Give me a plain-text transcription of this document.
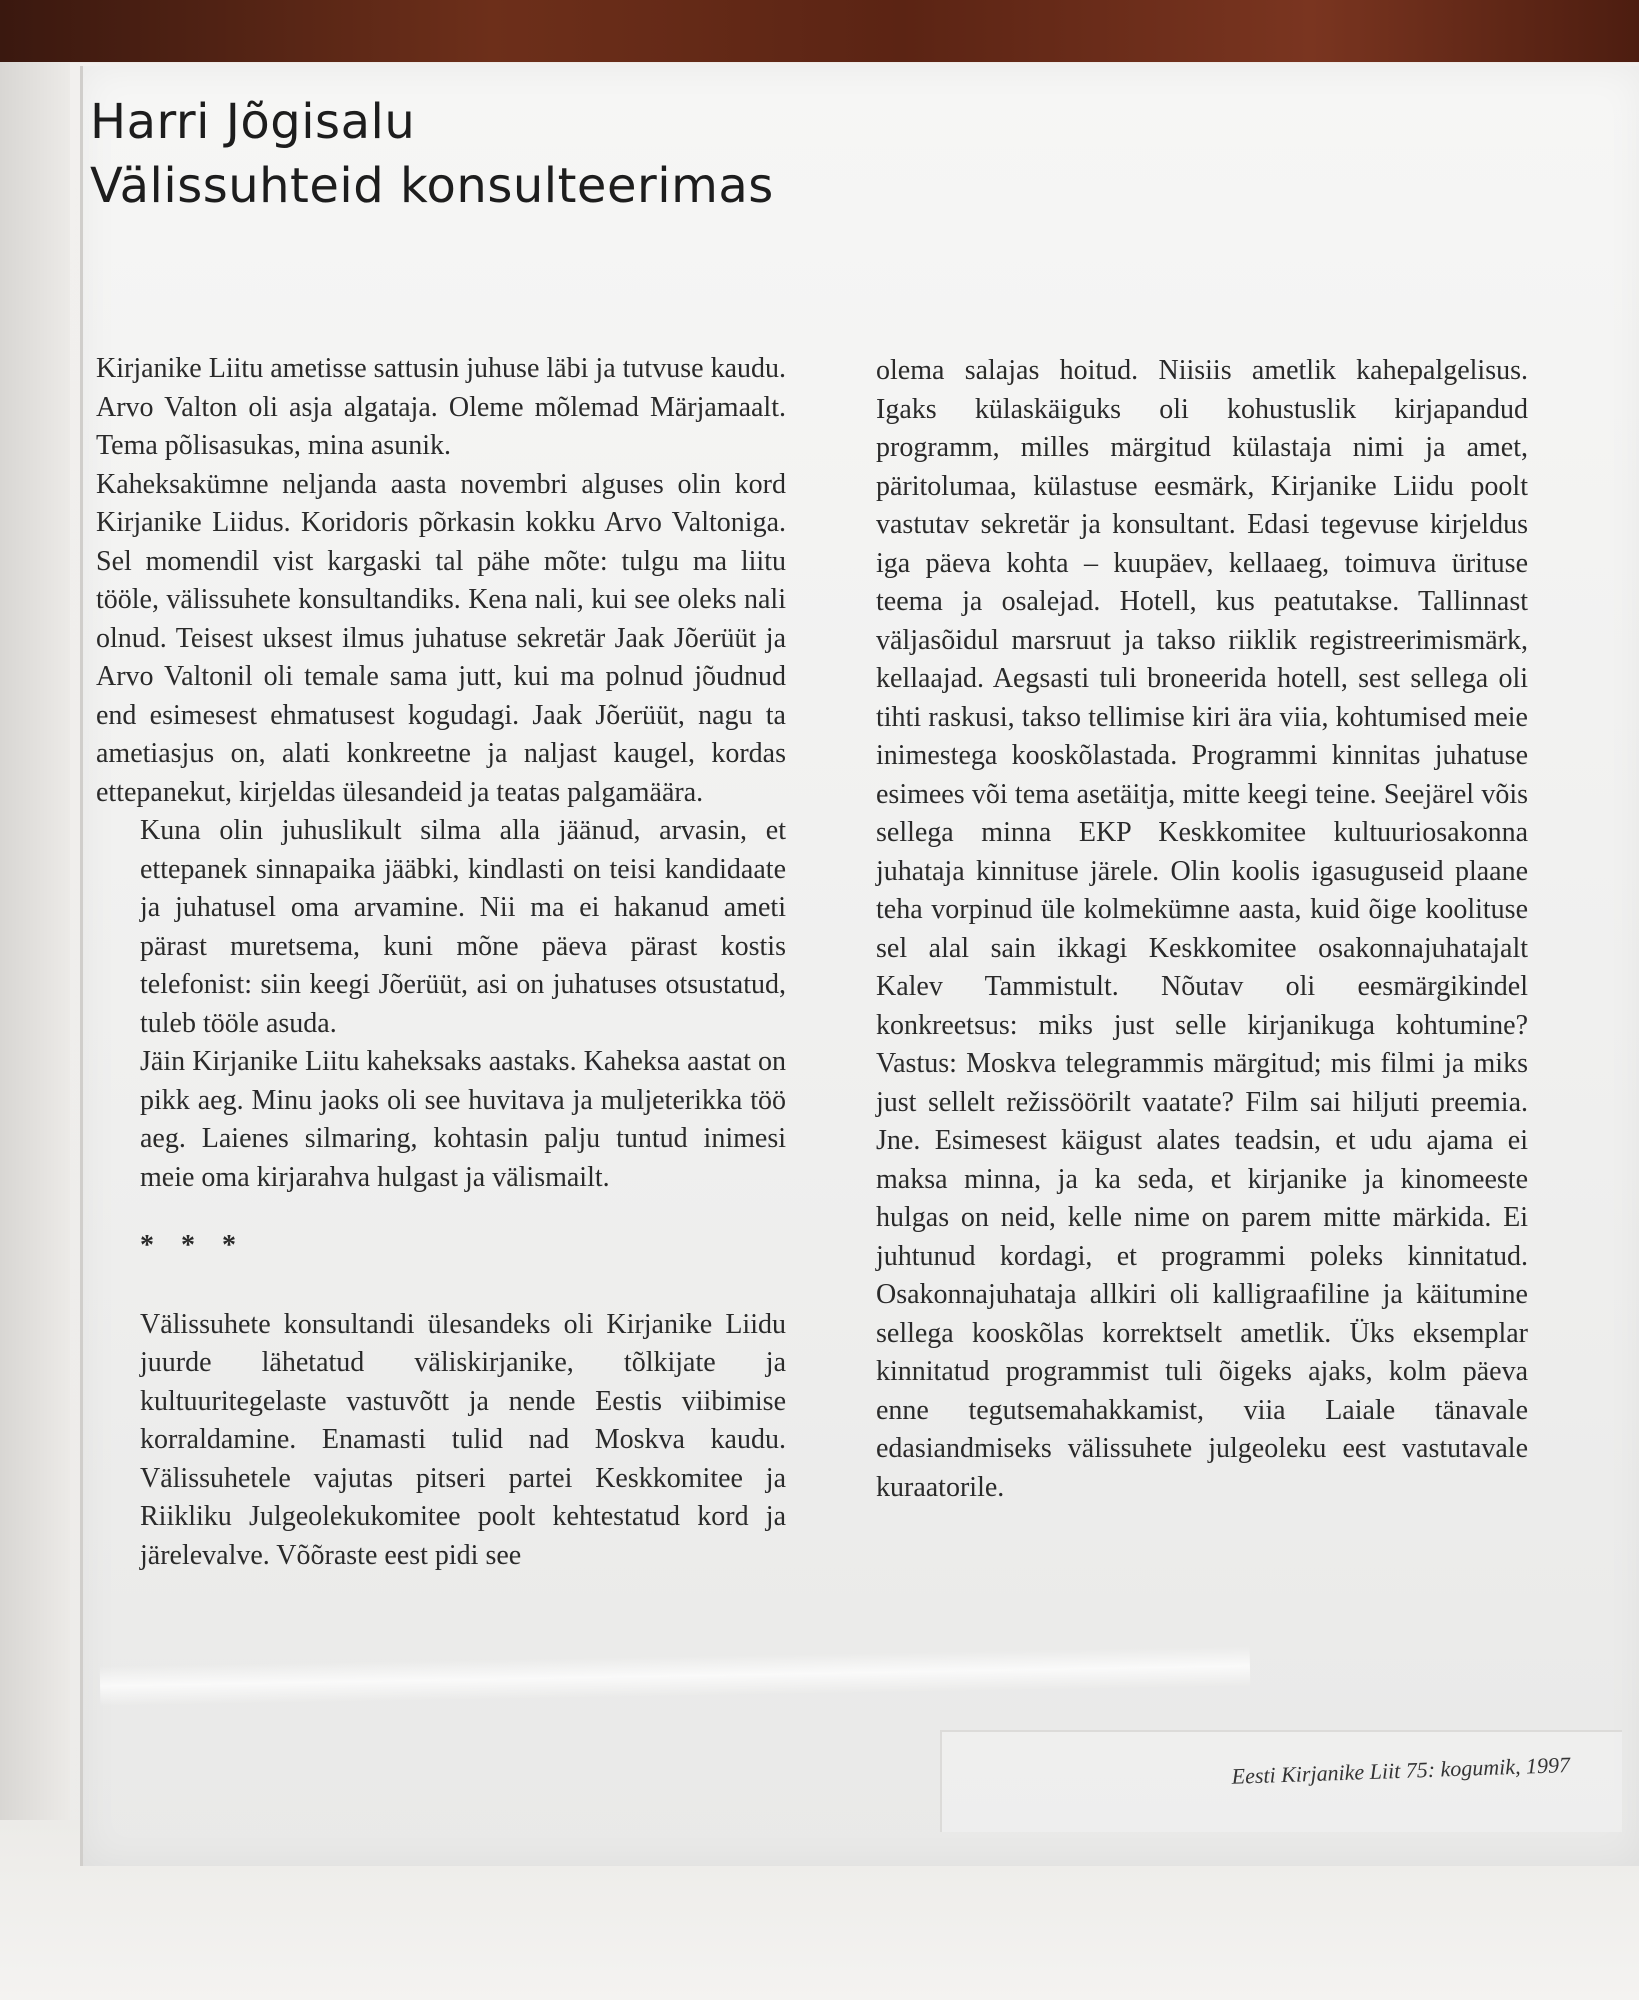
Harri Jõgisalu
Välissuhteid konsulteerimas

Kirjanike Liitu ametisse sattusin juhuse läbi ja tutvuse kaudu. Arvo Valton oli asja algataja. Oleme mõlemad Märjamaalt. Tema põlisasukas, mina asunik.

Kaheksakümne neljanda aasta novembri alguses olin kord Kirjanike Liidus. Koridoris põrkasin kokku Arvo Valtoniga. Sel momendil vist kargaski tal pähe mõte: tulgu ma liitu tööle, välissuhete konsultandiks. Kena nali, kui see oleks nali olnud. Teisest uksest ilmus juhatuse sekretär Jaak Jõerüüt ja Arvo Valtonil oli temale sama jutt, kui ma polnud jõudnud end esimesest ehmatusest kogudagi. Jaak Jõerüüt, nagu ta ametiasjus on, alati konkreetne ja naljast kaugel, kordas ettepanekut, kirjeldas ülesandeid ja teatas palgamäära.

Kuna olin juhuslikult silma alla jäänud, arvasin, et ettepanek sinnapaika jääbki, kindlasti on teisi kandidaate ja juhatusel oma arvamine. Nii ma ei hakanud ameti pärast muretsema, kuni mõne päeva pärast kostis telefonist: siin keegi Jõerüüt, asi on juhatuses otsustatud, tuleb tööle asuda.

Jäin Kirjanike Liitu kaheksaks aastaks. Kaheksa aastat on pikk aeg. Minu jaoks oli see huvitava ja muljeterikka töö aeg. Laienes silmaring, kohtasin palju tuntud inimesi meie oma kirjarahva hulgast ja välismailt.

* * *

Välissuhete konsultandi ülesandeks oli Kirjanike Liidu juurde lähetatud väliskirjanike, tõlkijate ja kultuuritegelaste vastuvõtt ja nende Eestis viibimise korraldamine. Enamasti tulid nad Moskva kaudu. Välissuhetele vajutas pitseri partei Keskkomitee ja Riikliku Julgeolekukomitee poolt kehtestatud kord ja järelevalve. Võõraste eest pidi see

olema salajas hoitud. Niisiis ametlik kahepalgelisus. Igaks külaskäiguks oli kohustuslik kirjapandud programm, milles märgitud külastaja nimi ja amet, päritolumaa, külastuse eesmärk, Kirjanike Liidu poolt vastutav sekretär ja konsultant. Edasi tegevuse kirjeldus iga päeva kohta – kuupäev, kellaaeg, toimuva ürituse teema ja osalejad. Hotell, kus peatutakse. Tallinnast väljasõidul marsruut ja takso riiklik registreerimismärk, kellaajad. Aegsasti tuli broneerida hotell, sest sellega oli tihti raskusi, takso tellimise kiri ära viia, kohtumised meie inimestega kooskõlastada. Programmi kinnitas juhatuse esimees või tema asetäitja, mitte keegi teine. Seejärel võis sellega minna EKP Keskkomitee kultuuriosakonna juhataja kinnituse järele. Olin koolis igasuguseid plaane teha vorpinud üle kolmekümne aasta, kuid õige koolituse sel alal sain ikkagi Keskkomitee osakonnajuhatajalt Kalev Tammistult. Nõutav oli eesmärgikindel konkreetsus: miks just selle kirjanikuga kohtumine? Vastus: Moskva telegrammis märgitud; mis filmi ja miks just sellelt režissöörilt vaatate? Film sai hiljuti preemia. Jne. Esimesest käigust alates teadsin, et udu ajama ei maksa minna, ja ka seda, et kirjanike ja kinomeeste hulgas on neid, kelle nime on parem mitte märkida. Ei juhtunud kordagi, et programmi poleks kinnitatud. Osakonnajuhataja allkiri oli kalligraafiline ja käitumine sellega kooskõlas korrektselt ametlik. Üks eksemplar kinnitatud programmist tuli õigeks ajaks, kolm päeva enne tegutsemahakkamist, viia Laiale tänavale edasiandmiseks välissuhete julgeoleku eest vastutavale kuraatorile.

Eesti Kirjanike Liit 75: kogumik, 1997
